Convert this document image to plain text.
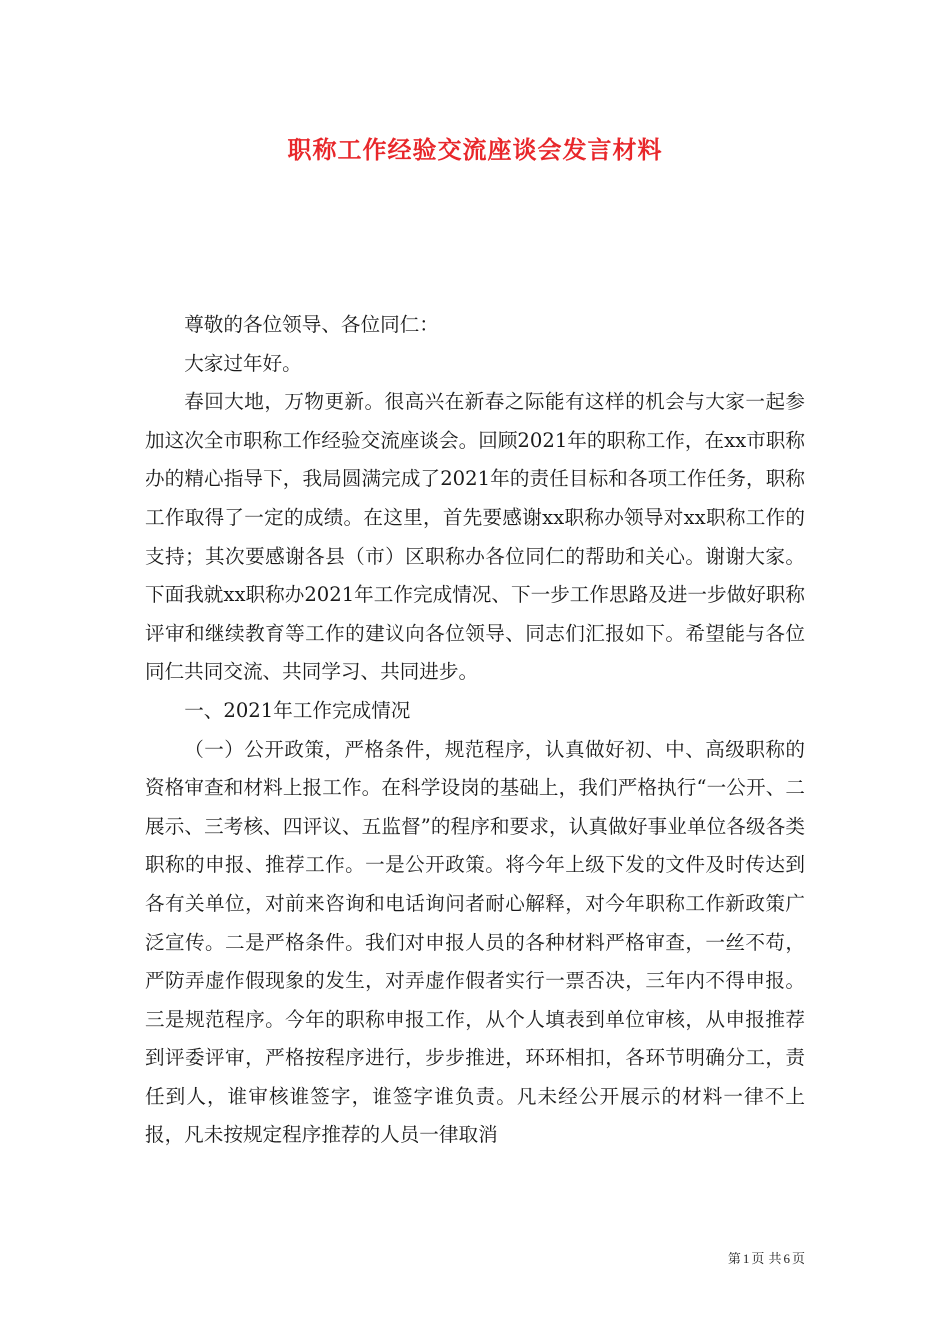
职称工作经验交流座谈会发言材料

尊敬的各位领导、各位同仁：

大家过年好。

春回大地，万物更新。很高兴在新春之际能有这样的机会与大家一起参加这次全市职称工作经验交流座谈会。回顾2021年的职称工作，在xx市职称办的精心指导下，我局圆满完成了2021年的责任目标和各项工作任务，职称工作取得了一定的成绩。在这里，首先要感谢xx职称办领导对xx职称工作的支持；其次要感谢各县（市）区职称办各位同仁的帮助和关心。谢谢大家。下面我就xx职称办2021年工作完成情况、下一步工作思路及进一步做好职称评审和继续教育等工作的建议向各位领导、同志们汇报如下。希望能与各位同仁共同交流、共同学习、共同进步。

一、2021年工作完成情况

（一）公开政策，严格条件，规范程序，认真做好初、中、高级职称的资格审查和材料上报工作。在科学设岗的基础上，我们严格执行“一公开、二展示、三考核、四评议、五监督”的程序和要求，认真做好事业单位各级各类职称的申报、推荐工作。一是公开政策。将今年上级下发的文件及时传达到各有关单位，对前来咨询和电话询问者耐心解释，对今年职称工作新政策广泛宣传。二是严格条件。我们对申报人员的各种材料严格审查，一丝不苟，严防弄虚作假现象的发生，对弄虚作假者实行一票否决，三年内不得申报。三是规范程序。今年的职称申报工作，从个人填表到单位审核，从申报推荐到评委评审，严格按程序进行，步步推进，环环相扣，各环节明确分工，责任到人，谁审核谁签字，谁签字谁负责。凡未经公开展示的材料一律不上报，凡未按规定程序推荐的人员一律取消

第 1 页 共 6 页
